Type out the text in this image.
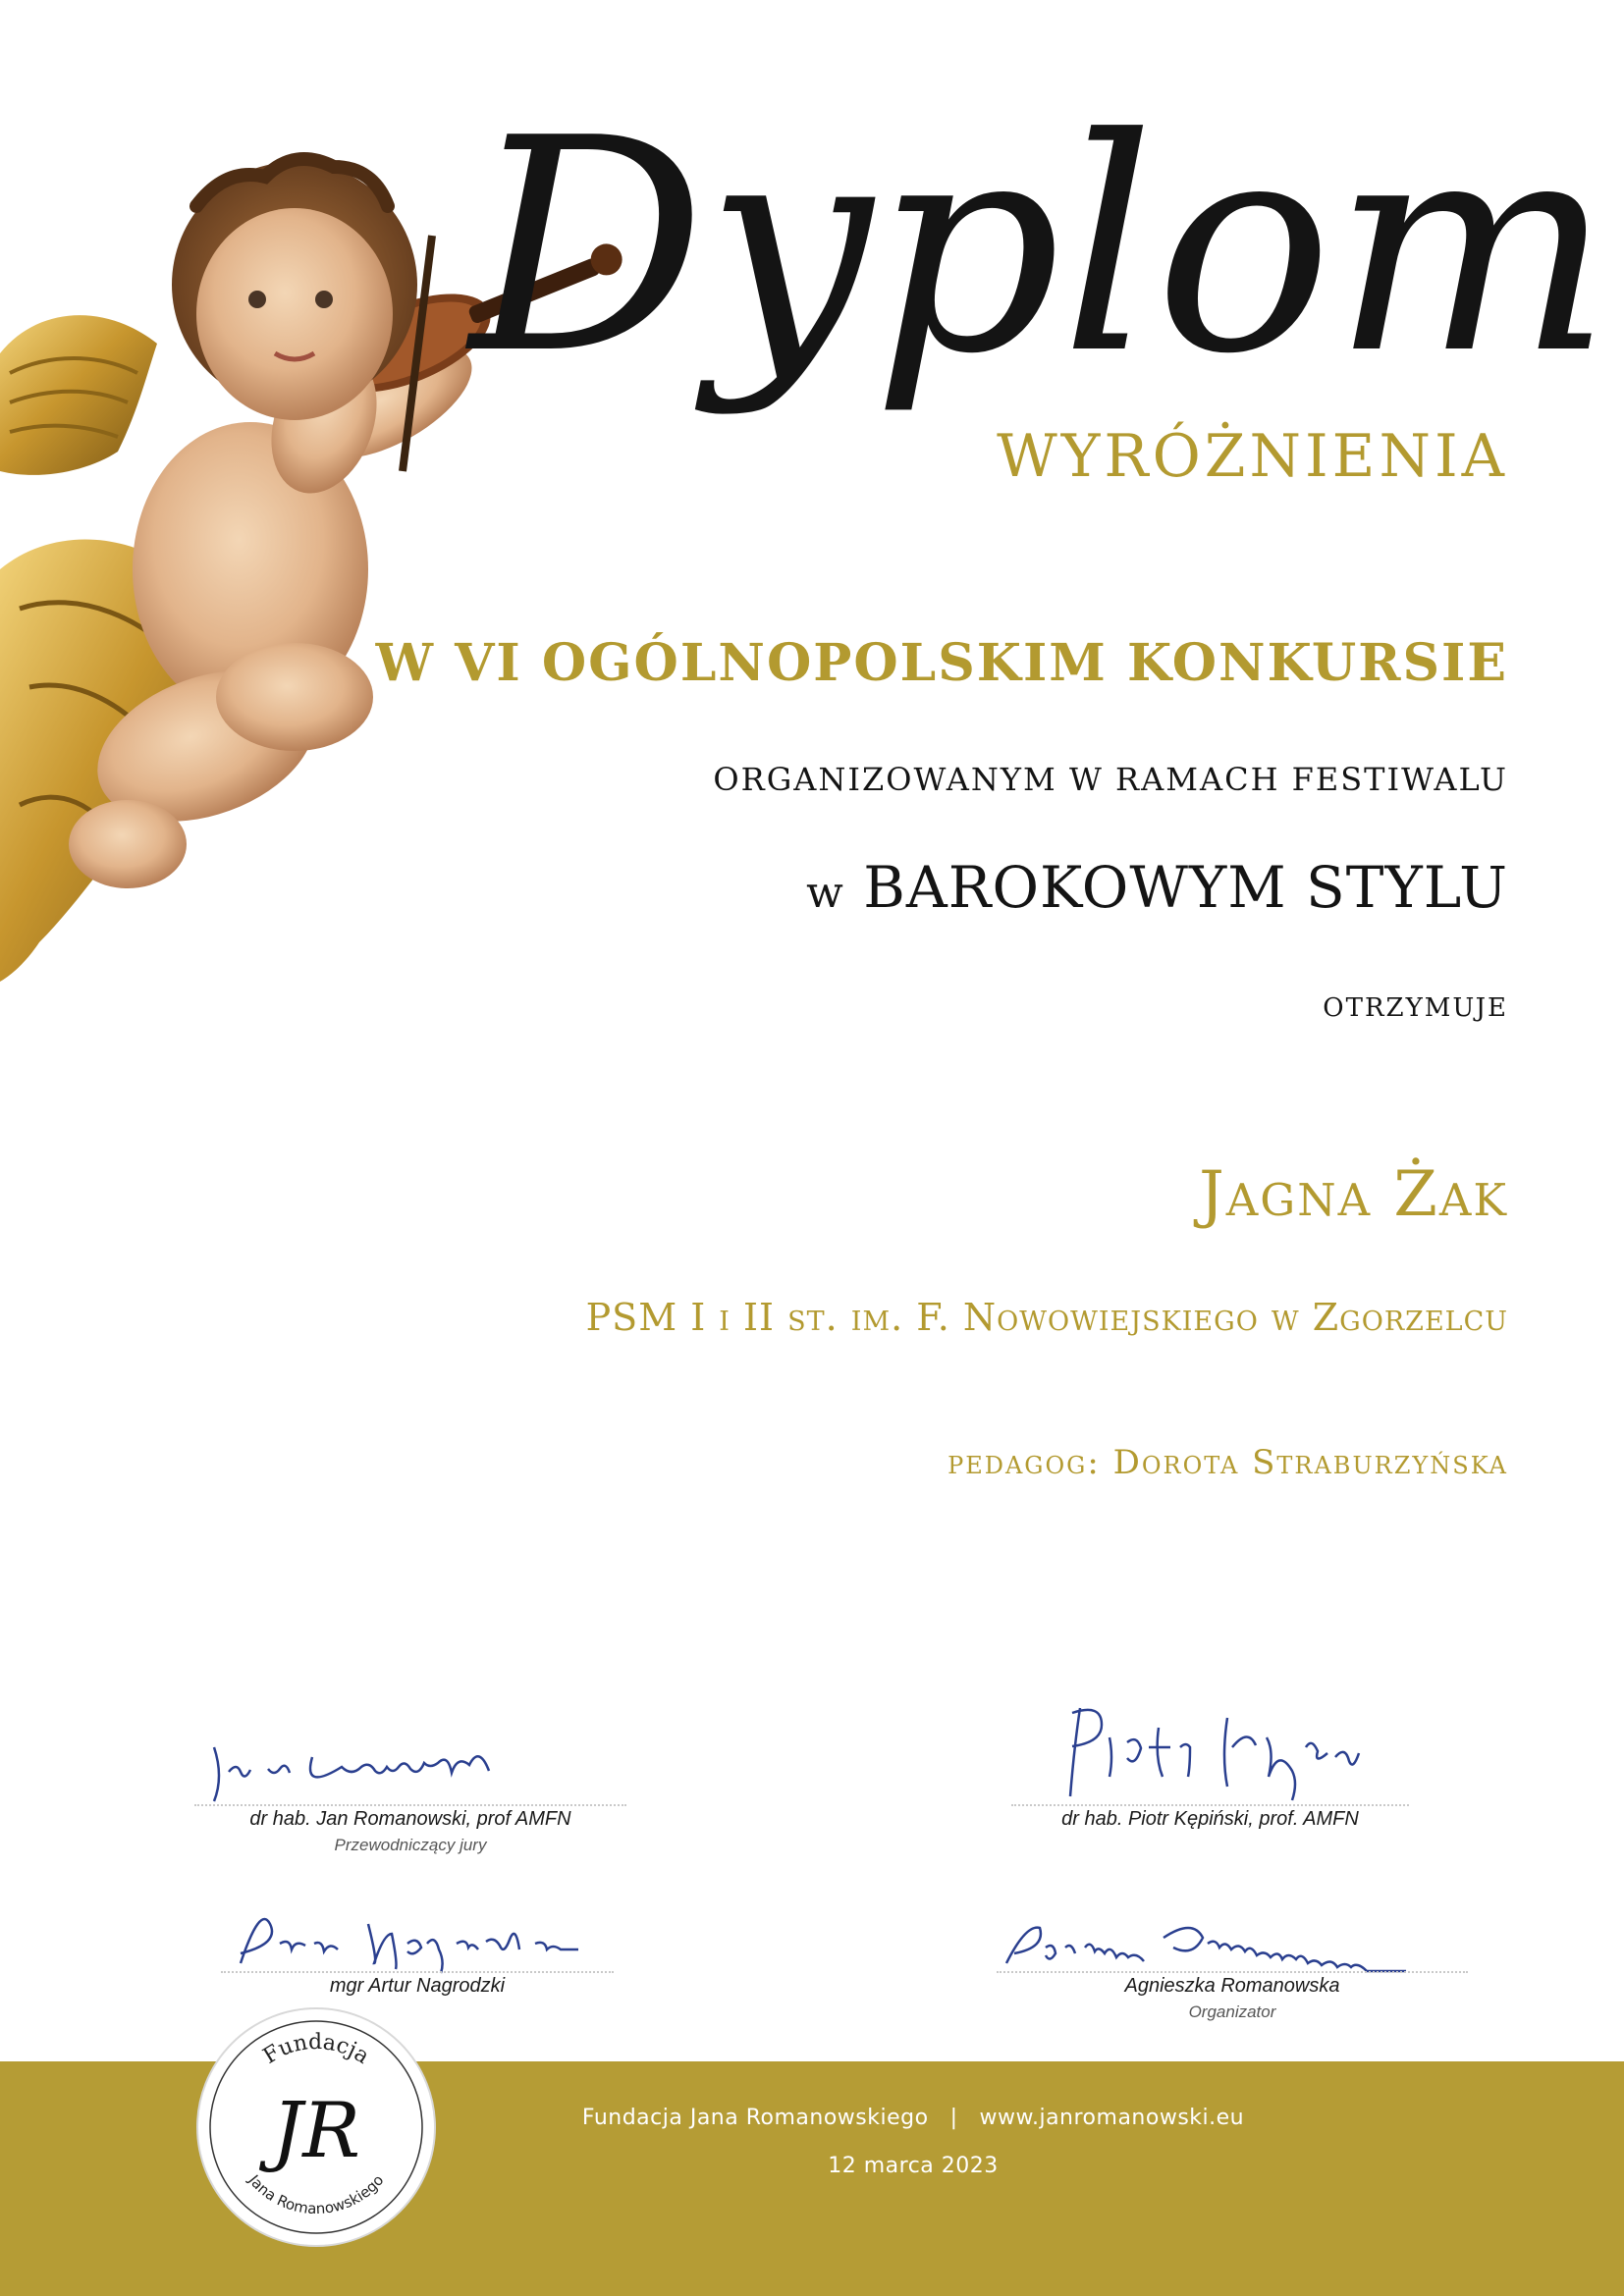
Dyplom
WYRÓŻNIENIA
W VI OGÓLNOPOLSKIM KONKURSIE
ORGANIZOWANYM W RAMACH FESTIWALU
w BAROKOWYM STYLU
OTRZYMUJE
Jagna Żak
PSM I i II st. im. F. Nowowiejskiego w Zgorzelcu
pedagog: Dorota Straburzyńska
dr hab. Jan Romanowski, prof AMFN
Przewodniczący jury
dr hab. Piotr Kępiński, prof. AMFN
mgr Artur Nagrodzki	Agnieszka Romanowska
Organizator
Fundacja Jana Romanowskiego | www.janromanowski.eu
12 marca 2023
Fundacja
Jana Romanowskiego
JR
